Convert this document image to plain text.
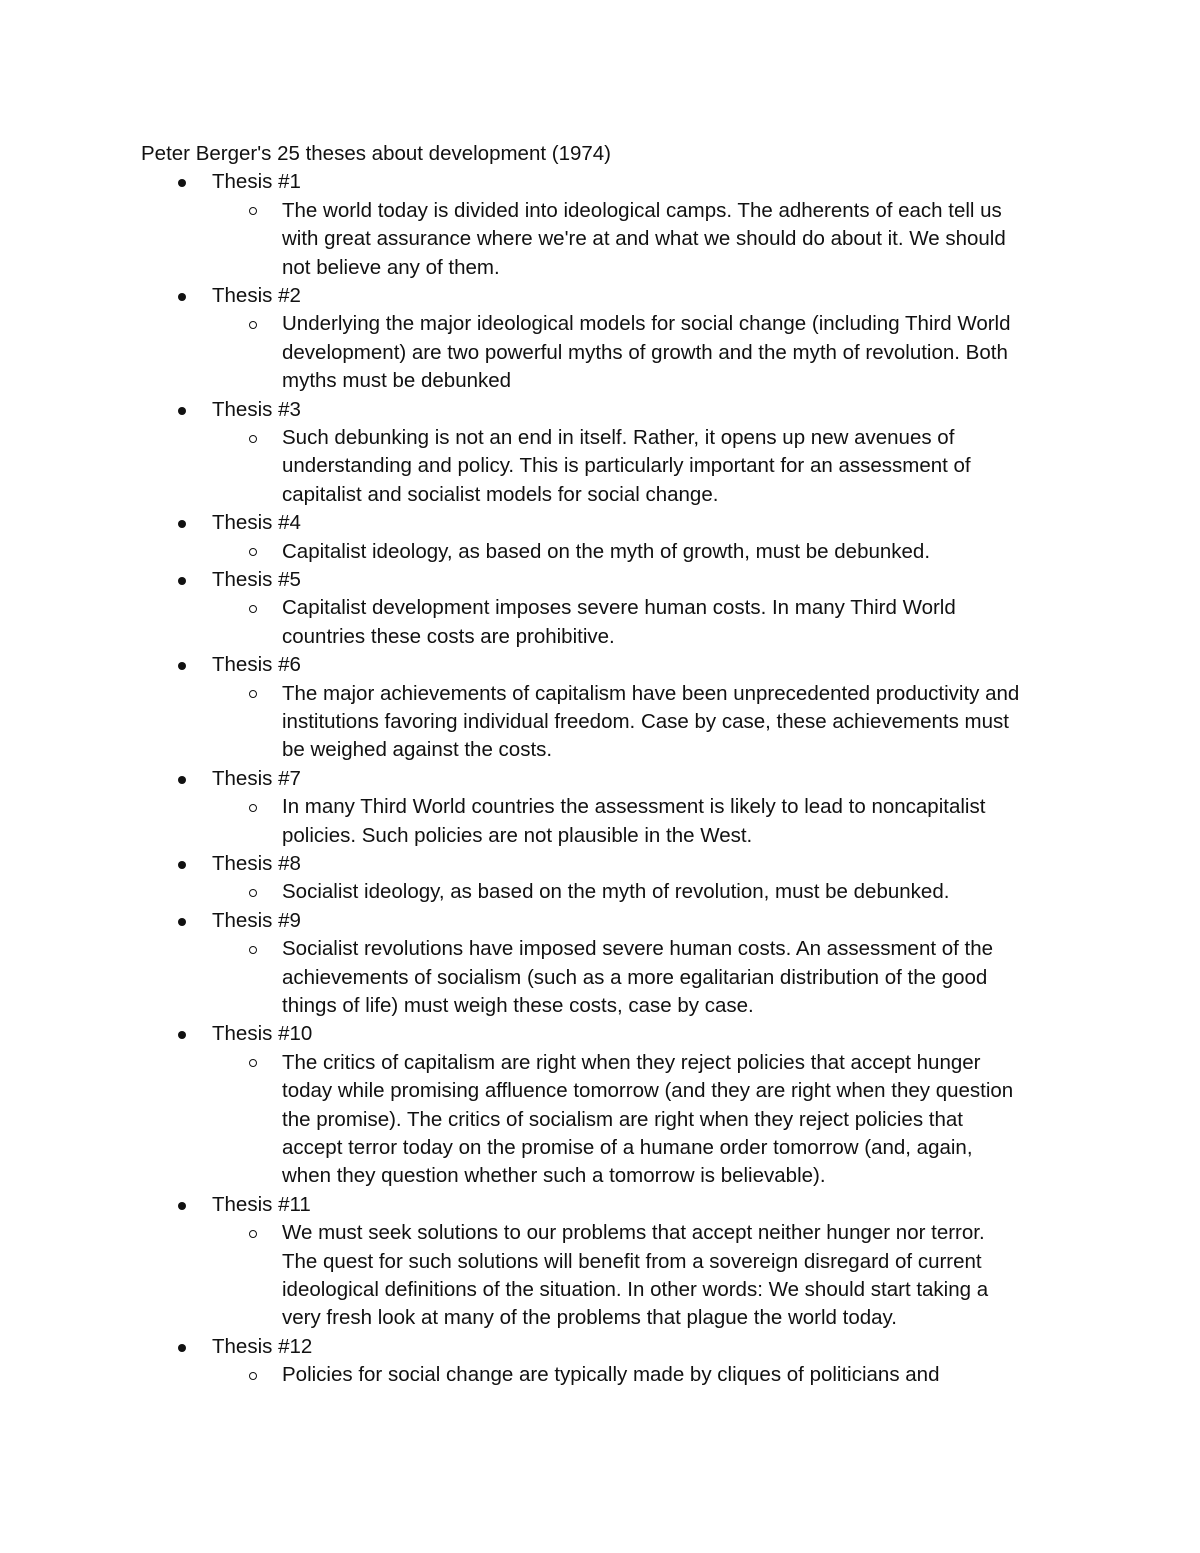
Peter Berger's 25 theses about development (1974)
Thesis #1
The world today is divided into ideological camps. The adherents of each tell us
with great assurance where we're at and what we should do about it. We should
not believe any of them.
Thesis #2
Underlying the major ideological models for social change (including Third World
development) are two powerful myths of growth and the myth of revolution. Both
myths must be debunked
Thesis #3
Such debunking is not an end in itself. Rather, it opens up new avenues of
understanding and policy. This is particularly important for an assessment of
capitalist and socialist models for social change.
Thesis #4
Capitalist ideology, as based on the myth of growth, must be debunked.
Thesis #5
Capitalist development imposes severe human costs. In many Third World
countries these costs are prohibitive.
Thesis #6
The major achievements of capitalism have been unprecedented productivity and
institutions favoring individual freedom. Case by case, these achievements must
be weighed against the costs.
Thesis #7
In many Third World countries the assessment is likely to lead to noncapitalist
policies. Such policies are not plausible in the West.
Thesis #8
Socialist ideology, as based on the myth of revolution, must be debunked.
Thesis #9
Socialist revolutions have imposed severe human costs. An assessment of the
achievements of socialism (such as a more egalitarian distribution of the good
things of life) must weigh these costs, case by case.
Thesis #10
The critics of capitalism are right when they reject policies that accept hunger
today while promising affluence tomorrow (and they are right when they question
the promise). The critics of socialism are right when they reject policies that
accept terror today on the promise of a humane order tomorrow (and, again,
when they question whether such a tomorrow is believable).
Thesis #11
We must seek solutions to our problems that accept neither hunger nor terror.
The quest for such solutions will benefit from a sovereign disregard of current
ideological definitions of the situation. In other words: We should start taking a
very fresh look at many of the problems that plague the world today.
Thesis #12
Policies for social change are typically made by cliques of politicians and
